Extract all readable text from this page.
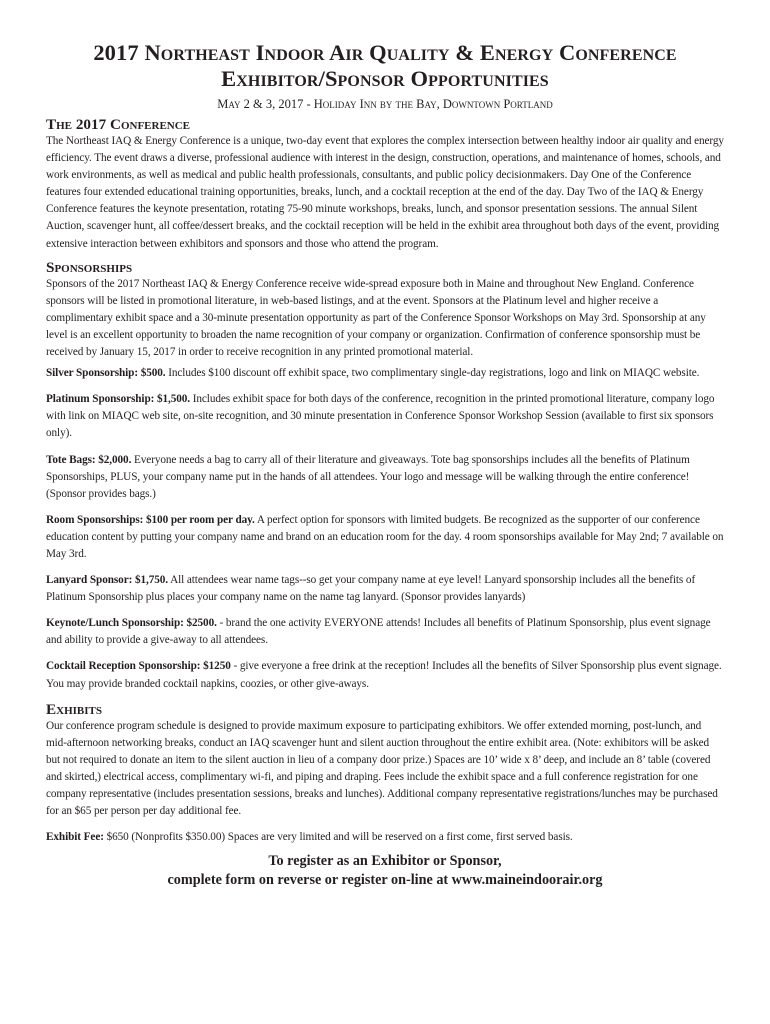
2017 Northeast Indoor Air Quality & Energy Conference
Exhibitor/Sponsor Opportunities
May 2 & 3, 2017 - Holiday Inn by the Bay, Downtown Portland
The 2017 Conference

The Northeast IAQ & Energy Conference is a unique, two-day event that explores the complex intersection between healthy indoor air quality and energy efficiency. The event draws a diverse, professional audience with interest in the design, construction, operations, and maintenance of homes, schools, and work environments, as well as medical and public health professionals, consultants, and public policy decisionmakers. Day One of the Conference features four extended educational training opportunities, breaks, lunch, and a cocktail reception at the end of the day. Day Two of the IAQ & Energy Conference features the keynote presentation, rotating 75-90 minute workshops, breaks, lunch, and sponsor presentation sessions. The annual Silent Auction, scavenger hunt, all coffee/dessert breaks, and the cocktail reception will be held in the exhibit area throughout both days of the event, providing extensive interaction between exhibitors and sponsors and those who attend the program.

Sponsorships

Sponsors of the 2017 Northeast IAQ & Energy Conference receive wide-spread exposure both in Maine and throughout New England. Conference sponsors will be listed in promotional literature, in web-based listings, and at the event. Sponsors at the Platinum level and higher receive a complimentary exhibit space and a 30-minute presentation opportunity as part of the Conference Sponsor Workshops on May 3rd. Sponsorship at any level is an excellent opportunity to broaden the name recognition of your company or organization. Confirmation of conference sponsorship must be received by January 15, 2017 in order to receive recognition in any printed promotional material.

Silver Sponsorship: $500. Includes $100 discount off exhibit space, two complimentary single-day registrations, logo and link on MIAQC website.

Platinum Sponsorship: $1,500. Includes exhibit space for both days of the conference, recognition in the printed promotional literature, company logo with link on MIAQC web site, on-site recognition, and 30 minute presentation in Conference Sponsor Workshop Session (available to first six sponsors only).

Tote Bags: $2,000. Everyone needs a bag to carry all of their literature and giveaways. Tote bag sponsorships includes all the benefits of Platinum Sponsorships, PLUS, your company name put in the hands of all attendees. Your logo and message will be walking through the entire conference! (Sponsor provides bags.)

Room Sponsorships: $100 per room per day. A perfect option for sponsors with limited budgets. Be recognized as the supporter of our conference education content by putting your company name and brand on an education room for the day. 4 room sponsorships available for May 2nd; 7 available on May 3rd.

Lanyard Sponsor: $1,750. All attendees wear name tags--so get your company name at eye level! Lanyard sponsorship includes all the benefits of Platinum Sponsorship plus places your company name on the name tag lanyard. (Sponsor provides lanyards)

Keynote/Lunch Sponsorship: $2500. - brand the one activity EVERYONE attends! Includes all benefits of Platinum Sponsorship, plus event signage and ability to provide a give-away to all attendees.

Cocktail Reception Sponsorship: $1250 - give everyone a free drink at the reception! Includes all the benefits of Silver Sponsorship plus event signage. You may provide branded cocktail napkins, coozies, or other give-aways.

Exhibits

Our conference program schedule is designed to provide maximum exposure to participating exhibitors. We offer extended morning, post-lunch, and mid-afternoon networking breaks, conduct an IAQ scavenger hunt and silent auction throughout the entire exhibit area. (Note: exhibitors will be asked but not required to donate an item to the silent auction in lieu of a company door prize.) Spaces are 10’ wide x 8’ deep, and include an 8’ table (covered and skirted,) electrical access, complimentary wi-fi, and piping and draping. Fees include the exhibit space and a full conference registration for one company representative (includes presentation sessions, breaks and lunches). Additional company representative registrations/lunches may be purchased for an $65 per person per day additional fee.

Exhibit Fee: $650 (Nonprofits $350.00) Spaces are very limited and will be reserved on a first come, first served basis.

To register as an Exhibitor or Sponsor,
complete form on reverse or register on-line at www.maineindoorair.org
